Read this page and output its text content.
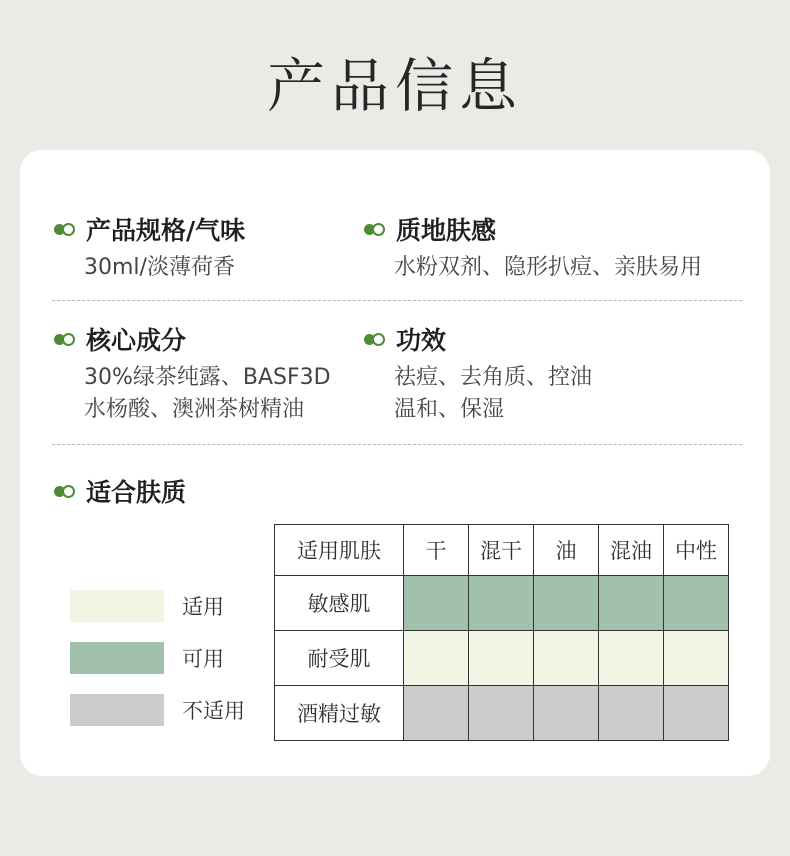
产品信息
产品规格/气味
30ml/淡薄荷香
质地肤感
水粉双剂、隐形扒痘、亲肤易用
核心成分
30%绿茶纯露、BASF3D
水杨酸、澳洲茶树精油
功效
祛痘、去角质、控油
温和、保湿
适合肤质
适用
可用
不适用
适用肌肤	干	混干	油	混油	中性
敏感肌					
耐受肌					
酒精过敏					
